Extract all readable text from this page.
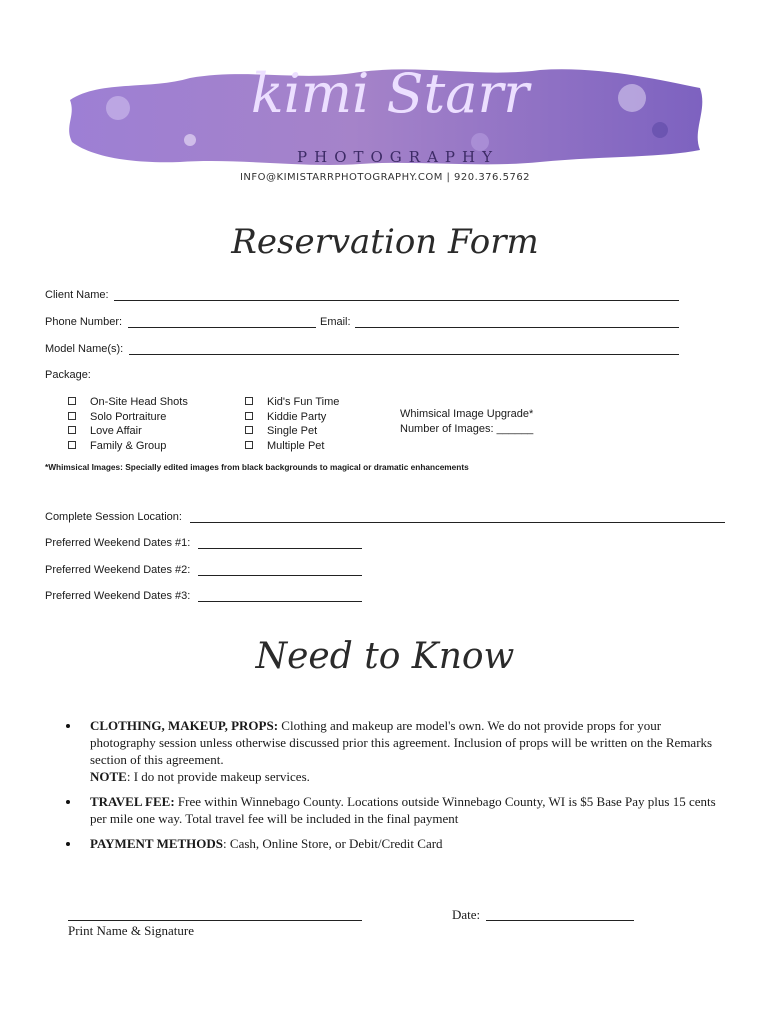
kimi Starr
PHOTOGRAPHY
INFO@KIMISTARRPHOTOGRAPHY.COM | 920.376.5762
Reservation Form
Client Name:
Phone Number:	Email:
Model Name(s):
Package:
On-Site Head Shots
Solo Portraiture
Love Affair
Family & Group
Kid's Fun Time
Kiddie Party
Single Pet
Multiple Pet
Whimsical Image Upgrade*
Number of Images: ______
*Whimsical Images: Specially edited images from black backgrounds to magical or dramatic enhancements
Complete Session Location:
Preferred Weekend Dates #1:
Preferred Weekend Dates #2:
Preferred Weekend Dates #3:
Need to Know
CLOTHING, MAKEUP, PROPS: Clothing and makeup are model's own. We do not provide props for your photography session unless otherwise discussed prior this agreement. Inclusion of props will be written on the Remarks section of this agreement.
NOTE: I do not provide makeup services.
TRAVEL FEE: Free within Winnebago County. Locations outside Winnebago County, WI is $5 Base Pay plus 15 cents per mile one way. Total travel fee will be included in the final payment
PAYMENT METHODS: Cash, Online Store, or Debit/Credit Card
Print Name & Signature
Date:
